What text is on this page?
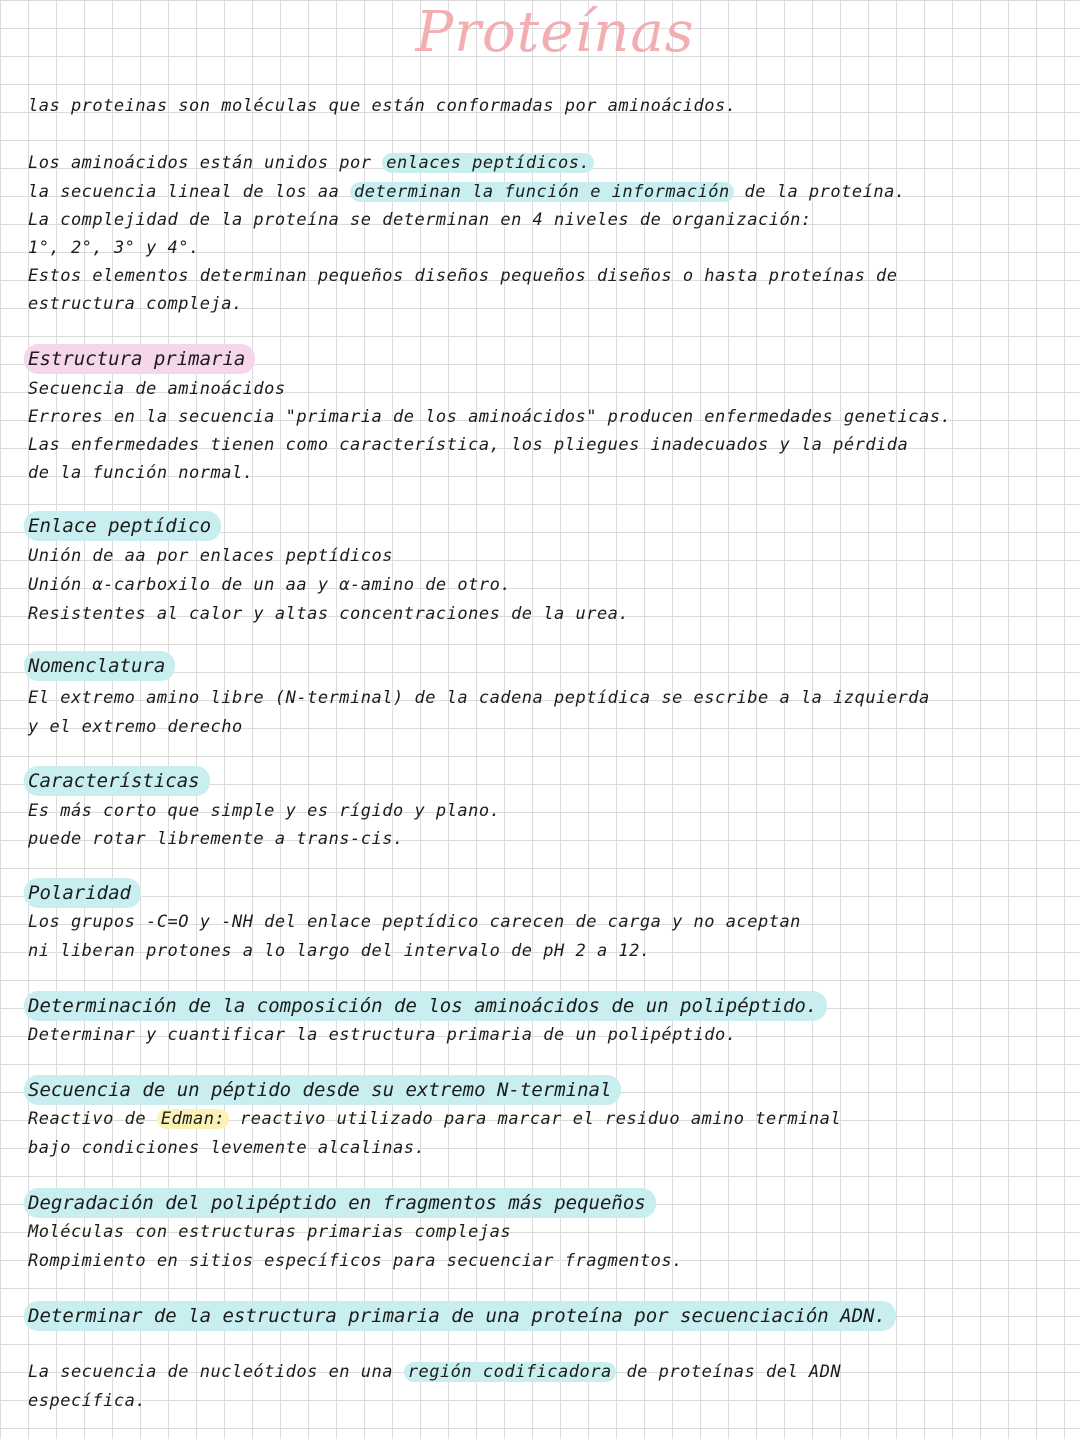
Proteínas
las proteinas son moléculas que están conformadas por aminoácidos.
Los aminoácidos están unidos por enlaces peptídicos.
la secuencia lineal de los aa determinan la función e información de la proteína.
La complejidad de la proteína se determinan en 4 niveles de organización:
1°, 2°, 3° y 4°.
Estos elementos determinan pequeños diseños pequeños diseños o hasta proteínas de
estructura compleja.
Estructura primaria
Secuencia de aminoácidos
Errores en la secuencia "primaria de los aminoácidos" producen enfermedades geneticas.
Las enfermedades tienen como característica, los pliegues inadecuados y la pérdida
de la función normal.
Enlace peptídico
Unión de aa por enlaces peptídicos
Unión α-carboxilo de un aa y α-amino de otro.
Resistentes al calor y altas concentraciones de la urea.
Nomenclatura
El extremo amino libre (N-terminal) de la cadena peptídica se escribe a la izquierda
y el extremo derecho
Características
Es más corto que simple y es rígido y plano.
puede rotar libremente a trans-cis.
Polaridad
Los grupos -C=O y -NH del enlace peptídico carecen de carga y no aceptan
ni liberan protones a lo largo del intervalo de pH 2 a 12.
Determinación de la composición de los aminoácidos de un polipéptido.
Determinar y cuantificar la estructura primaria de un polipéptido.
Secuencia de un péptido desde su extremo N-terminal
Reactivo de Edman: reactivo utilizado para marcar el residuo amino terminal
bajo condiciones levemente alcalinas.
Degradación del polipéptido en fragmentos más pequeños
Moléculas con estructuras primarias complejas
Rompimiento en sitios específicos para secuenciar fragmentos.
Determinar de la estructura primaria de una proteína por secuenciación ADN.
La secuencia de nucleótidos en una región codificadora de proteínas del ADN
específica.
